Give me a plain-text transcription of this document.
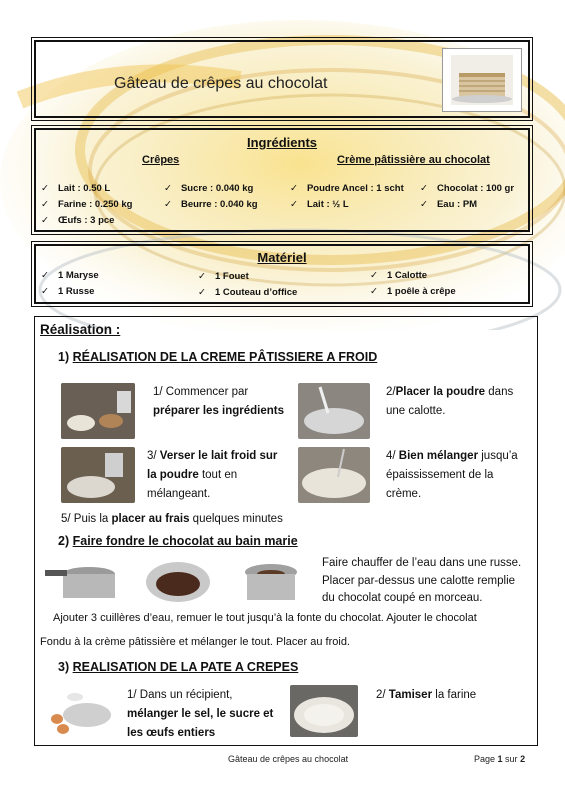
Gâteau de crêpes au chocolat
Ingrédients
Crêpes	Crème pâtissière au chocolat
✓ Lait : 0.50 L
✓ Farine : 0.250 kg
✓ Œufs : 3 pce
✓ Sucre : 0.040 kg
✓ Beurre : 0.040 kg
✓ Poudre Ancel : 1 scht
✓ Lait : ½ L
✓ Chocolat : 100 gr
✓ Eau : PM
Matériel
✓ 1 Maryse
✓ 1 Russe
✓ 1 Fouet
✓ 1 Couteau d’office
✓ 1 Calotte
✓ 1 poêle à crêpe
Réalisation :
1) RÉALISATION DE LA CREME PÂTISSIERE A FROID
1/ Commencer par
préparer les ingrédients
2/Placer la poudre dans
une calotte.
3/ Verser le lait froid sur
la poudre tout en
mélangeant.
4/ Bien mélanger jusqu’a
épaississement de la
crème.
5/ Puis la placer au frais quelques minutes
2) Faire fondre le chocolat au bain marie
Faire chauffer de l’eau dans une russe.
Placer par-dessus une calotte remplie
du chocolat coupé en morceau.
Ajouter 3 cuillères d’eau, remuer le tout jusqu’à la fonte du chocolat. Ajouter le chocolat
Fondu à la crème pâtissière et mélanger le tout. Placer au froid.
3) REALISATION DE LA PATE A CREPES
1/ Dans un récipient,
mélanger le sel, le sucre et
les œufs entiers
2/ Tamiser la farine
Gâteau de crêpes au chocolat	Page 1 sur 2
